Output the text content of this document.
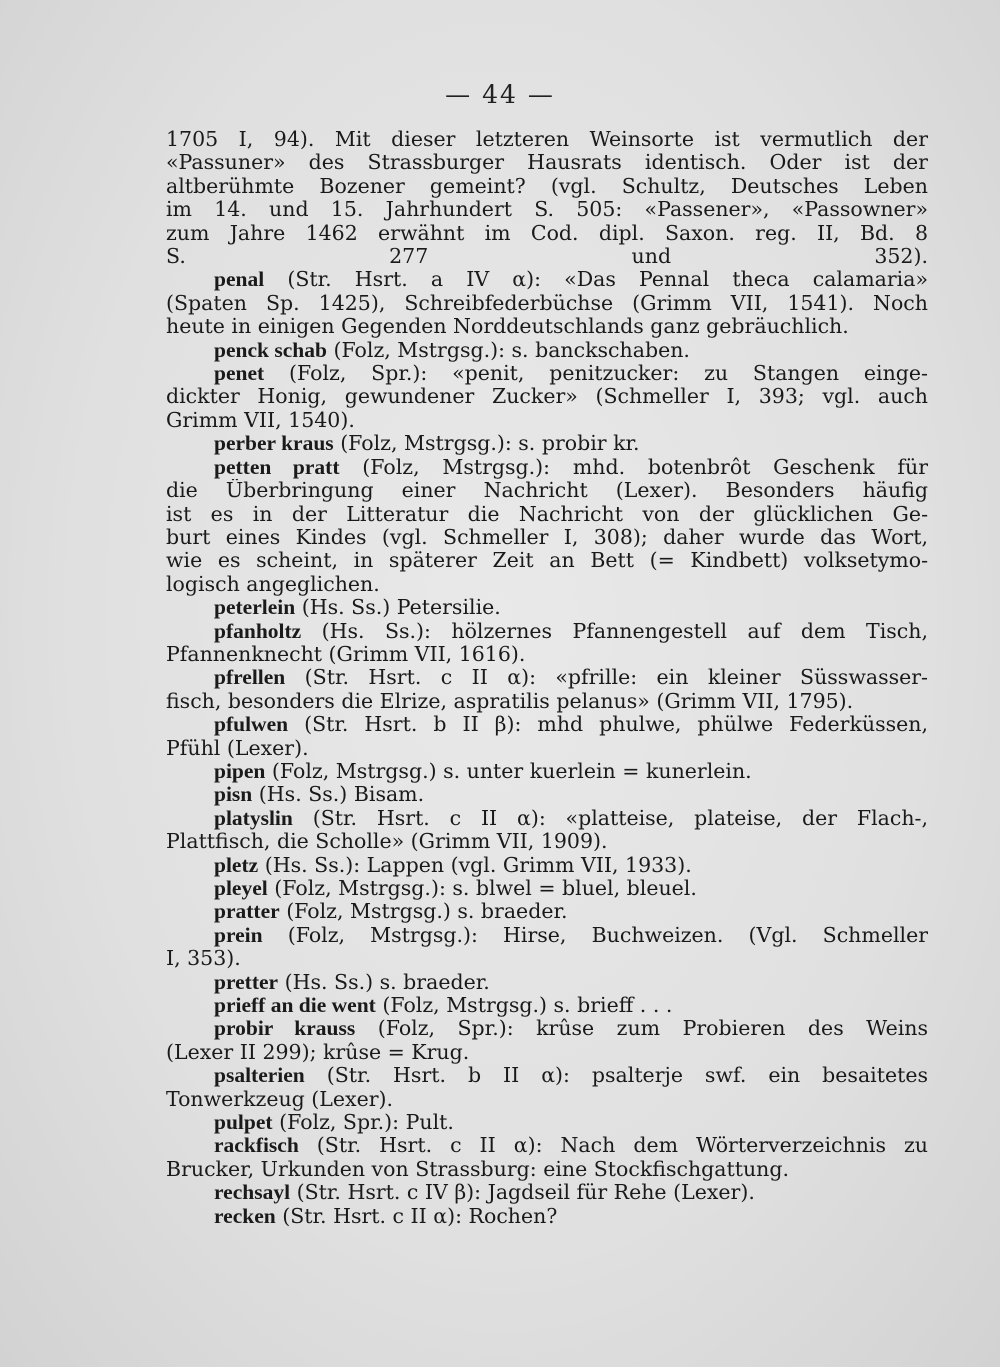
— 44 —
1705 I, 94). Mit dieser letzteren Weinsorte ist vermutlich der
«Passuner» des Strassburger Hausrats identisch. Oder ist der
altberühmte Bozener gemeint? (vgl. Schultz, Deutsches Leben
im 14. und 15. Jahrhundert S. 505: «Passener», «Passowner»
zum Jahre 1462 erwähnt im Cod. dipl. Saxon. reg. II, Bd. 8
S. 277 und 352).
penal (Str. Hsrt. a IV α): «Das Pennal theca calamaria»
(Spaten Sp. 1425), Schreibfederbüchse (Grimm VII, 1541). Noch
heute in einigen Gegenden Norddeutschlands ganz gebräuchlich.
penck schab (Folz, Mstrgsg.): s. banckschaben.
penet (Folz, Spr.): «penit, penitzucker: zu Stangen einge-
dickter Honig, gewundener Zucker» (Schmeller I, 393; vgl. auch
Grimm VII, 1540).
perber kraus (Folz, Mstrgsg.): s. probir kr.
petten pratt (Folz, Mstrgsg.): mhd. botenbrôt Geschenk für
die Überbringung einer Nachricht (Lexer). Besonders häufig
ist es in der Litteratur die Nachricht von der glücklichen Ge-
burt eines Kindes (vgl. Schmeller I, 308); daher wurde das Wort,
wie es scheint, in späterer Zeit an Bett (= Kindbett) volksetymo-
logisch angeglichen.
peterlein (Hs. Ss.) Petersilie.
pfanholtz (Hs. Ss.): hölzernes Pfannengestell auf dem Tisch,
Pfannenknecht (Grimm VII, 1616).
pfrellen (Str. Hsrt. c II α): «pfrille: ein kleiner Süsswasser-
fisch, besonders die Elrize, aspratilis pelanus» (Grimm VII, 1795).
pfulwen (Str. Hsrt. b II β): mhd phulwe, phülwe Federküssen,
Pfühl (Lexer).
pipen (Folz, Mstrgsg.) s. unter kuerlein = kunerlein.
pisn (Hs. Ss.) Bisam.
platyslin (Str. Hsrt. c II α): «platteise, plateise, der Flach-,
Plattfisch, die Scholle» (Grimm VII, 1909).
pletz (Hs. Ss.): Lappen (vgl. Grimm VII, 1933).
pleyel (Folz, Mstrgsg.): s. blwel = bluel, bleuel.
pratter (Folz, Mstrgsg.) s. braeder.
prein (Folz, Mstrgsg.): Hirse, Buchweizen. (Vgl. Schmeller
I, 353).
pretter (Hs. Ss.) s. braeder.
prieff an die went (Folz, Mstrgsg.) s. brieff . . .
probir krauss (Folz, Spr.): krûse zum Probieren des Weins
(Lexer II 299); krûse = Krug.
psalterien (Str. Hsrt. b II α): psalterje swf. ein besaitetes
Tonwerkzeug (Lexer).
pulpet (Folz, Spr.): Pult.
rackfisch (Str. Hsrt. c II α): Nach dem Wörterverzeichnis zu
Brucker, Urkunden von Strassburg: eine Stockfischgattung.
rechsayl (Str. Hsrt. c IV β): Jagdseil für Rehe (Lexer).
recken (Str. Hsrt. c II α): Rochen?
